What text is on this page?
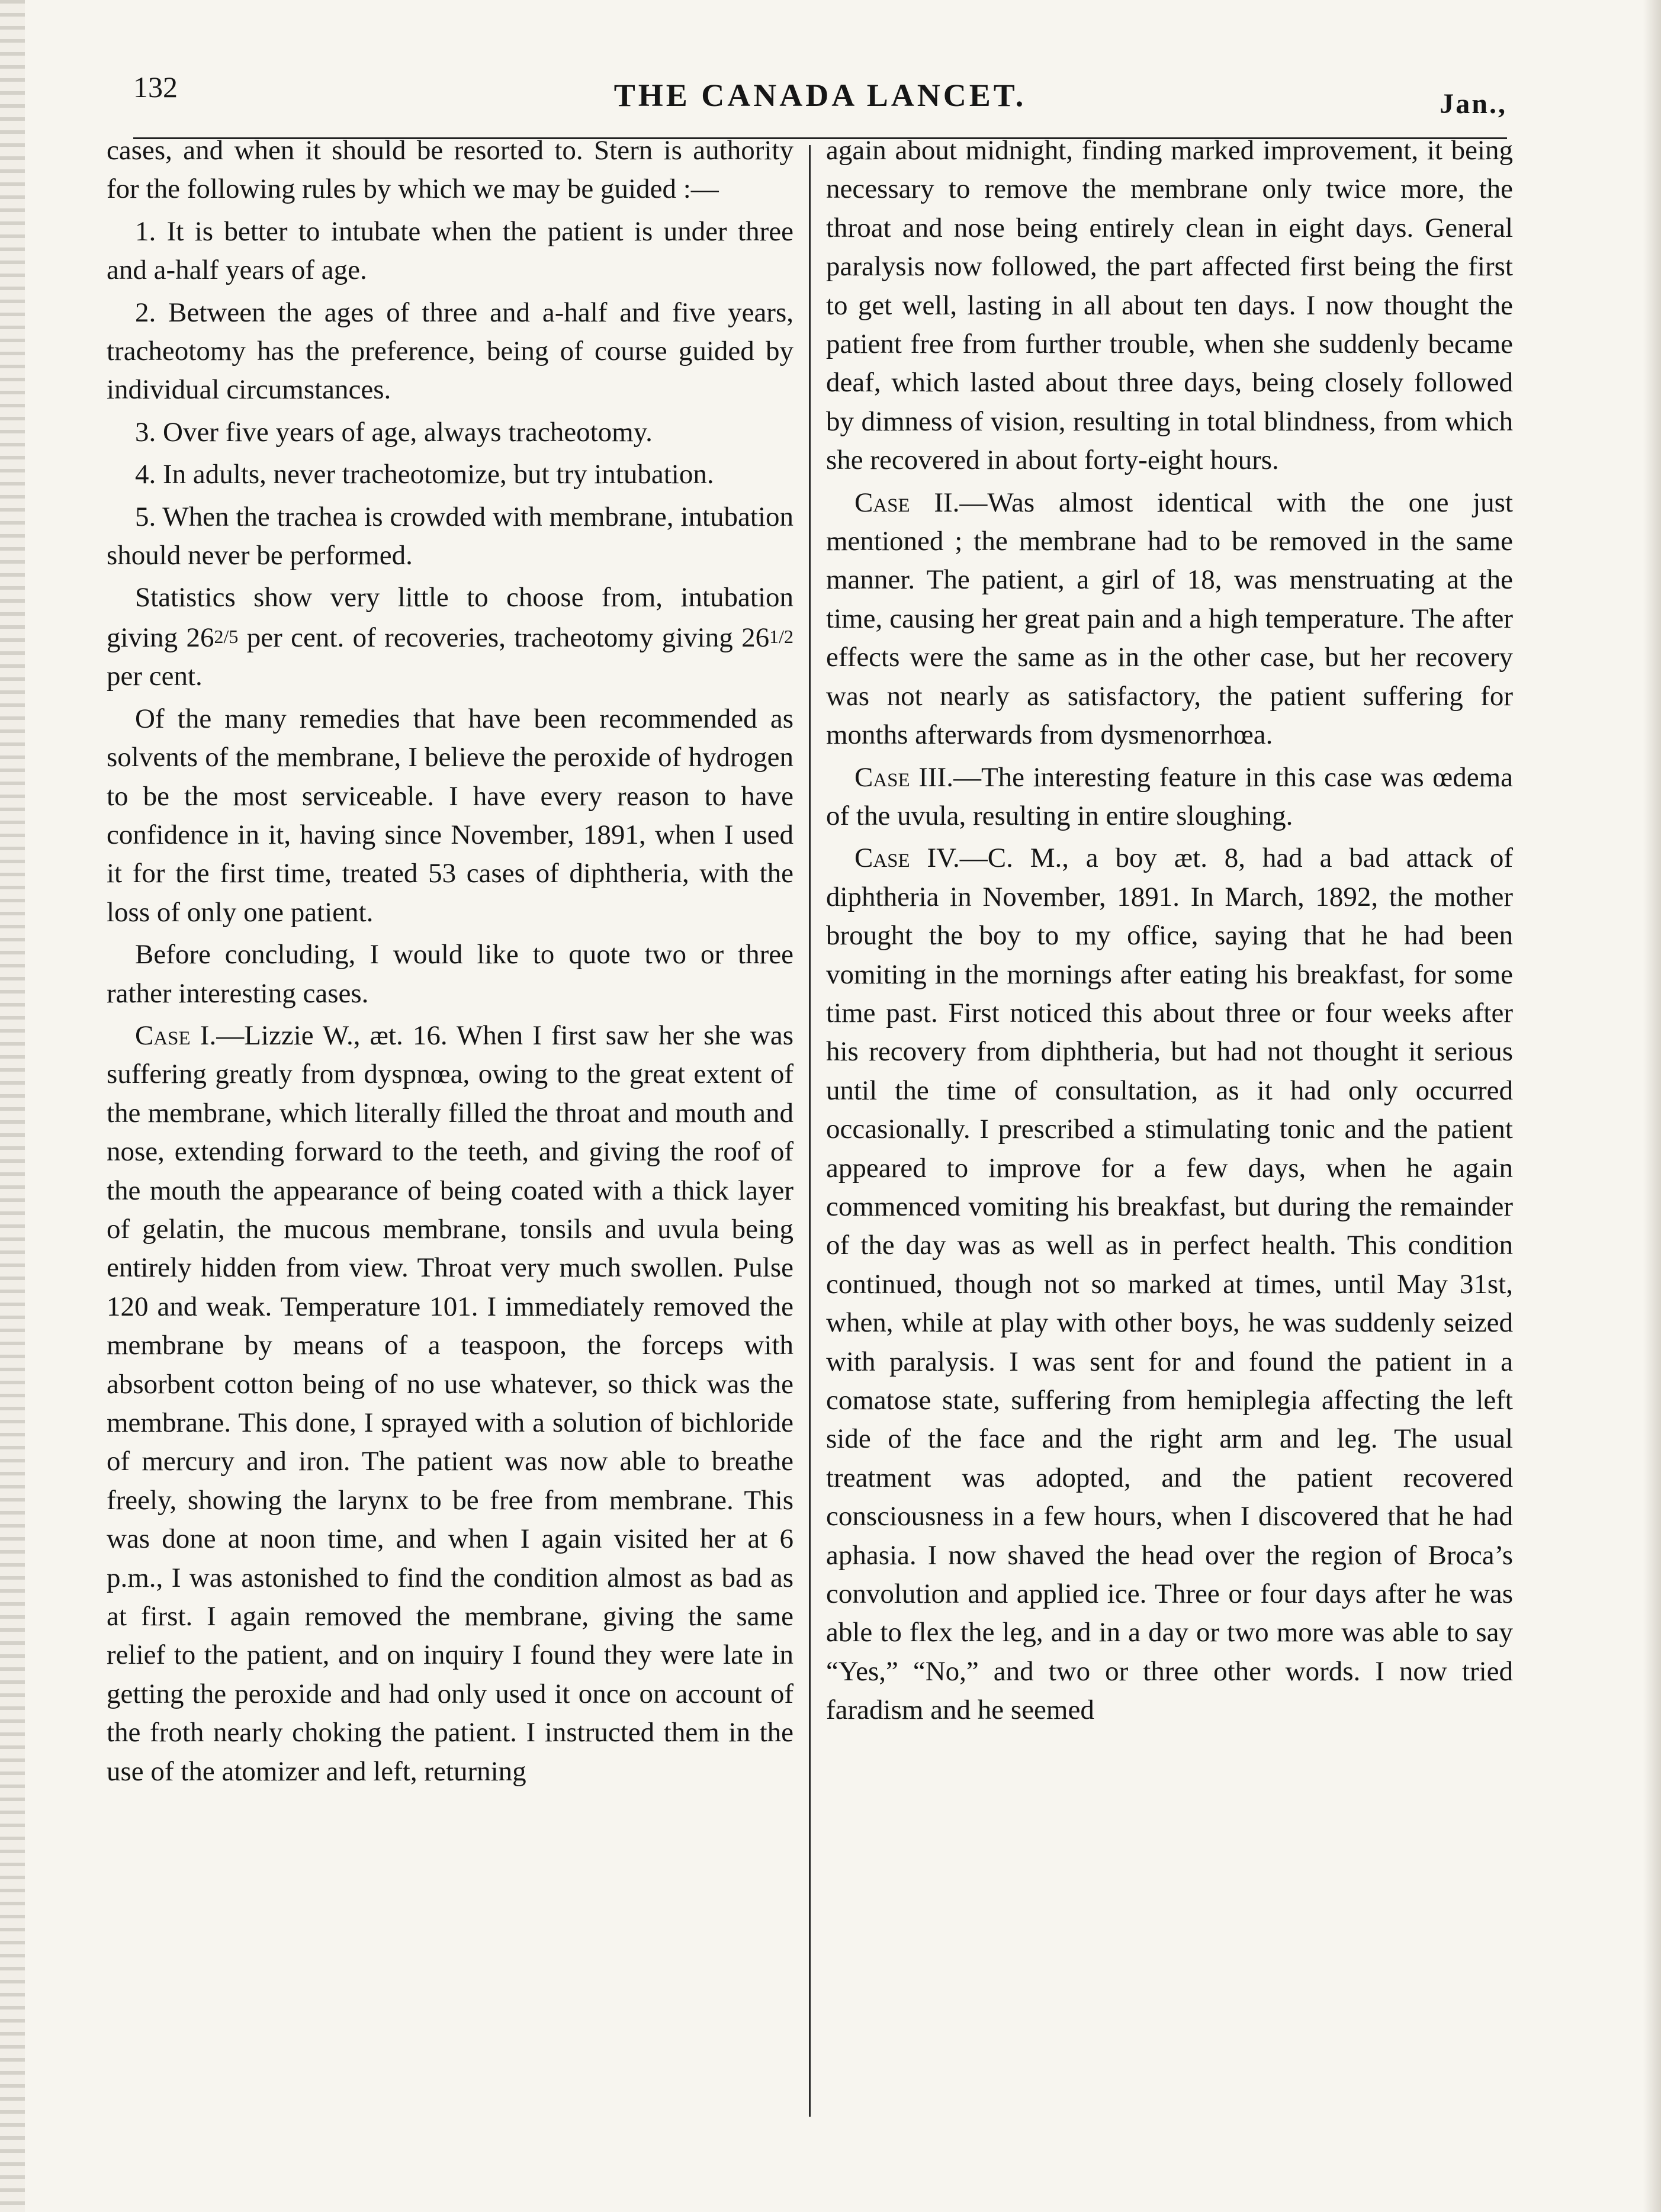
132	THE CANADA LANCET.	Jan.,

cases, and when it should be resorted to. Stern is authority for the following rules by which we may be guided :—

1. It is better to intubate when the patient is under three and a-half years of age.

2. Between the ages of three and a-half and five years, tracheotomy has the preference, being of course guided by individual circumstances.

3. Over five years of age, always tracheotomy.

4. In adults, never tracheotomize, but try intubation.

5. When the trachea is crowded with membrane, intubation should never be performed.

Statistics show very little to choose from, intubation giving 262/5 per cent. of recoveries, tracheotomy giving 261/2 per cent.

Of the many remedies that have been recommended as solvents of the membrane, I believe the peroxide of hydrogen to be the most serviceable. I have every reason to have confidence in it, having since November, 1891, when I used it for the first time, treated 53 cases of diphtheria, with the loss of only one patient.

Before concluding, I would like to quote two or three rather interesting cases.

Case I.—Lizzie W., æt. 16. When I first saw her she was suffering greatly from dyspnœa, owing to the great extent of the membrane, which literally filled the throat and mouth and nose, extending forward to the teeth, and giving the roof of the mouth the appearance of being coated with a thick layer of gelatin, the mucous membrane, tonsils and uvula being entirely hidden from view. Throat very much swollen. Pulse 120 and weak. Temperature 101. I immediately removed the membrane by means of a teaspoon, the forceps with absorbent cotton being of no use whatever, so thick was the membrane. This done, I sprayed with a solution of bichloride of mercury and iron. The patient was now able to breathe freely, showing the larynx to be free from membrane. This was done at noon time, and when I again visited her at 6 p.m., I was astonished to find the condition almost as bad as at first. I again removed the membrane, giving the same relief to the patient, and on inquiry I found they were late in getting the peroxide and had only used it once on account of the froth nearly choking the patient. I instructed them in the use of the atomizer and left, returning

again about midnight, finding marked improvement, it being necessary to remove the membrane only twice more, the throat and nose being entirely clean in eight days. General paralysis now followed, the part affected first being the first to get well, lasting in all about ten days. I now thought the patient free from further trouble, when she suddenly became deaf, which lasted about three days, being closely followed by dimness of vision, resulting in total blindness, from which she recovered in about forty-eight hours.

Case II.—Was almost identical with the one just mentioned ; the membrane had to be removed in the same manner. The patient, a girl of 18, was menstruating at the time, causing her great pain and a high temperature. The after effects were the same as in the other case, but her recovery was not nearly as satisfactory, the patient suffering for months afterwards from dysmenorrhœa.

Case III.—The interesting feature in this case was œdema of the uvula, resulting in entire sloughing.

Case IV.—C. M., a boy æt. 8, had a bad attack of diphtheria in November, 1891. In March, 1892, the mother brought the boy to my office, saying that he had been vomiting in the mornings after eating his breakfast, for some time past. First noticed this about three or four weeks after his recovery from diphtheria, but had not thought it serious until the time of consultation, as it had only occurred occasionally. I prescribed a stimulating tonic and the patient appeared to improve for a few days, when he again commenced vomiting his breakfast, but during the remainder of the day was as well as in perfect health. This condition continued, though not so marked at times, until May 31st, when, while at play with other boys, he was suddenly seized with paralysis. I was sent for and found the patient in a comatose state, suffering from hemiplegia affecting the left side of the face and the right arm and leg. The usual treatment was adopted, and the patient recovered consciousness in a few hours, when I discovered that he had aphasia. I now shaved the head over the region of Broca’s convolution and applied ice. Three or four days after he was able to flex the leg, and in a day or two more was able to say “Yes,” “No,” and two or three other words. I now tried faradism and he seemed
